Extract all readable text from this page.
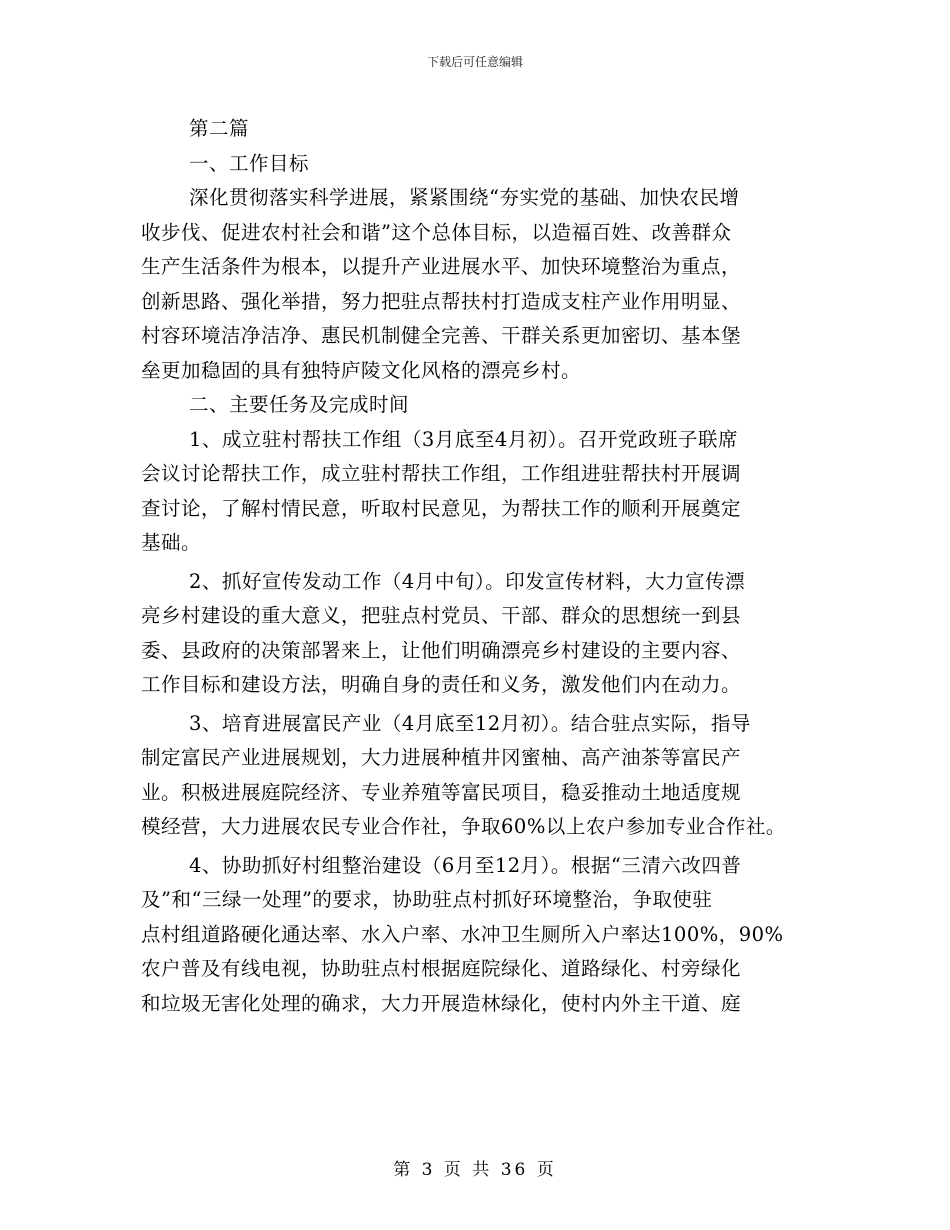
下载后可任意编辑
第二篇
一、工作目标
深化贯彻落实科学进展，紧紧围绕“夯实党的基础、加快农民增
收步伐、促进农村社会和谐”这个总体目标，以造福百姓、改善群众
生产生活条件为根本，以提升产业进展水平、加快环境整治为重点，
创新思路、强化举措，努力把驻点帮扶村打造成支柱产业作用明显、
村容环境洁净洁净、惠民机制健全完善、干群关系更加密切、基本堡
垒更加稳固的具有独特庐陵文化风格的漂亮乡村。
二、主要任务及完成时间
1、成立驻村帮扶工作组（3月底至4月初）。召开党政班子联席
会议讨论帮扶工作，成立驻村帮扶工作组，工作组进驻帮扶村开展调
查讨论，了解村情民意，听取村民意见，为帮扶工作的顺利开展奠定
基础。
2、抓好宣传发动工作（4月中旬）。印发宣传材料，大力宣传漂
亮乡村建设的重大意义，把驻点村党员、干部、群众的思想统一到县
委、县政府的决策部署来上，让他们明确漂亮乡村建设的主要内容、
工作目标和建设方法，明确自身的责任和义务，激发他们内在动力。
3、培育进展富民产业（4月底至12月初）。结合驻点实际，指导
制定富民产业进展规划，大力进展种植井冈蜜柚、高产油茶等富民产
业。积极进展庭院经济、专业养殖等富民项目，稳妥推动土地适度规
模经营，大力进展农民专业合作社，争取60%以上农户参加专业合作社。
4、协助抓好村组整治建设（6月至12月）。根据“三清六改四普
及”和“三绿一处理”的要求，协助驻点村抓好环境整治，争取使驻
点村组道路硬化通达率、水入户率、水冲卫生厕所入户率达100%，90%
农户普及有线电视，协助驻点村根据庭院绿化、道路绿化、村旁绿化
和垃圾无害化处理的确求，大力开展造林绿化，使村内外主干道、庭
第 3 页 共 36 页
